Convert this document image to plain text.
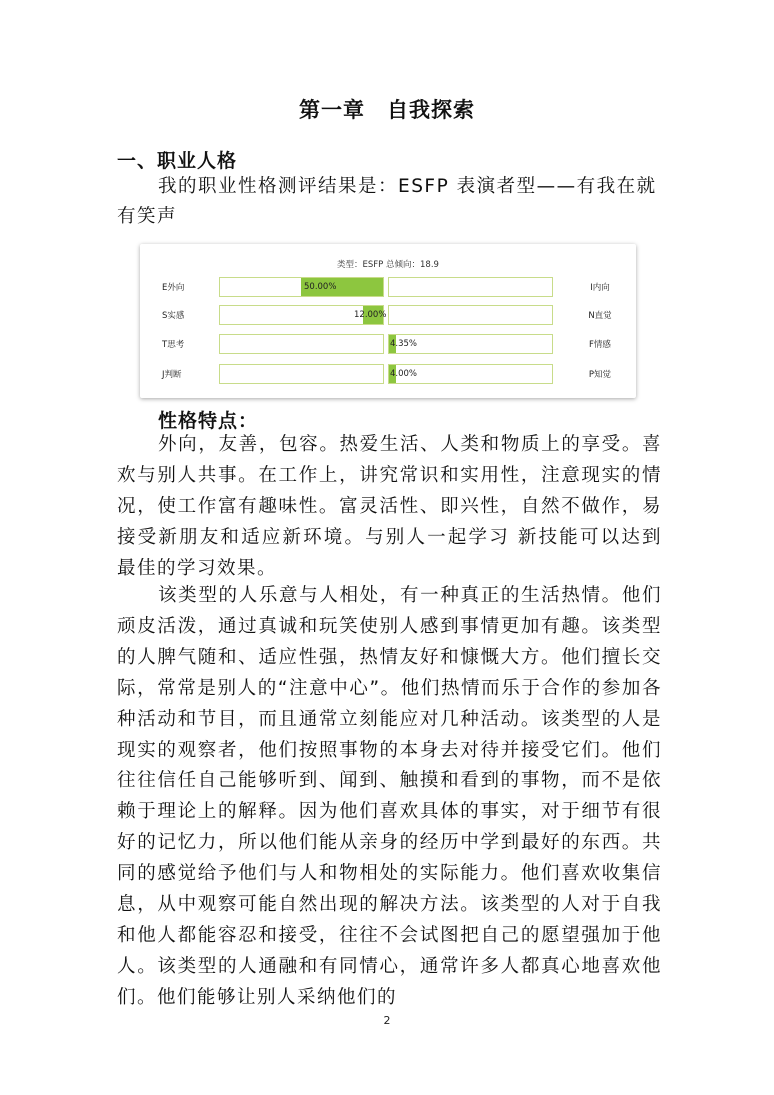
第一章 自我探索
一、职业人格
我的职业性格测评结果是：ESFP 表演者型——有我在就有笑声
类型：ESFP 总倾向：18.9
E外向	50.00%	I内向
S实感	12.00%	N直觉
T思考	4.35%	F情感
J判断	4.00%	P知觉
性格特点：
外向，友善，包容。热爱生活、人类和物质上的享受。喜欢与别人共事。在工作上，讲究常识和实用性，注意现实的情况，使工作富有趣味性。富灵活性、即兴性，自然不做作，易接受新朋友和适应新环境。与别人一起学习 新技能可以达到最佳的学习效果。
该类型的人乐意与人相处，有一种真正的生活热情。他们顽皮活泼，通过真诚和玩笑使别人感到事情更加有趣。该类型的人脾气随和、适应性强，热情友好和慷慨大方。他们擅长交际，常常是别人的“注意中心”。他们热情而乐于合作的参加各种活动和节目，而且通常立刻能应对几种活动。该类型的人是现实的观察者，他们按照事物的本身去对待并接受它们。他们往往信任自己能够听到、闻到、触摸和看到的事物，而不是依赖于理论上的解释。因为他们喜欢具体的事实，对于细节有很好的记忆力，所以他们能从亲身的经历中学到最好的东西。共同的感觉给予他们与人和物相处的实际能力。他们喜欢收集信息，从中观察可能自然出现的解决方法。该类型的人对于自我和他人都能容忍和接受，往往不会试图把自己的愿望强加于他人。该类型的人通融和有同情心，通常许多人都真心地喜欢他们。他们能够让别人采纳他们的
2
